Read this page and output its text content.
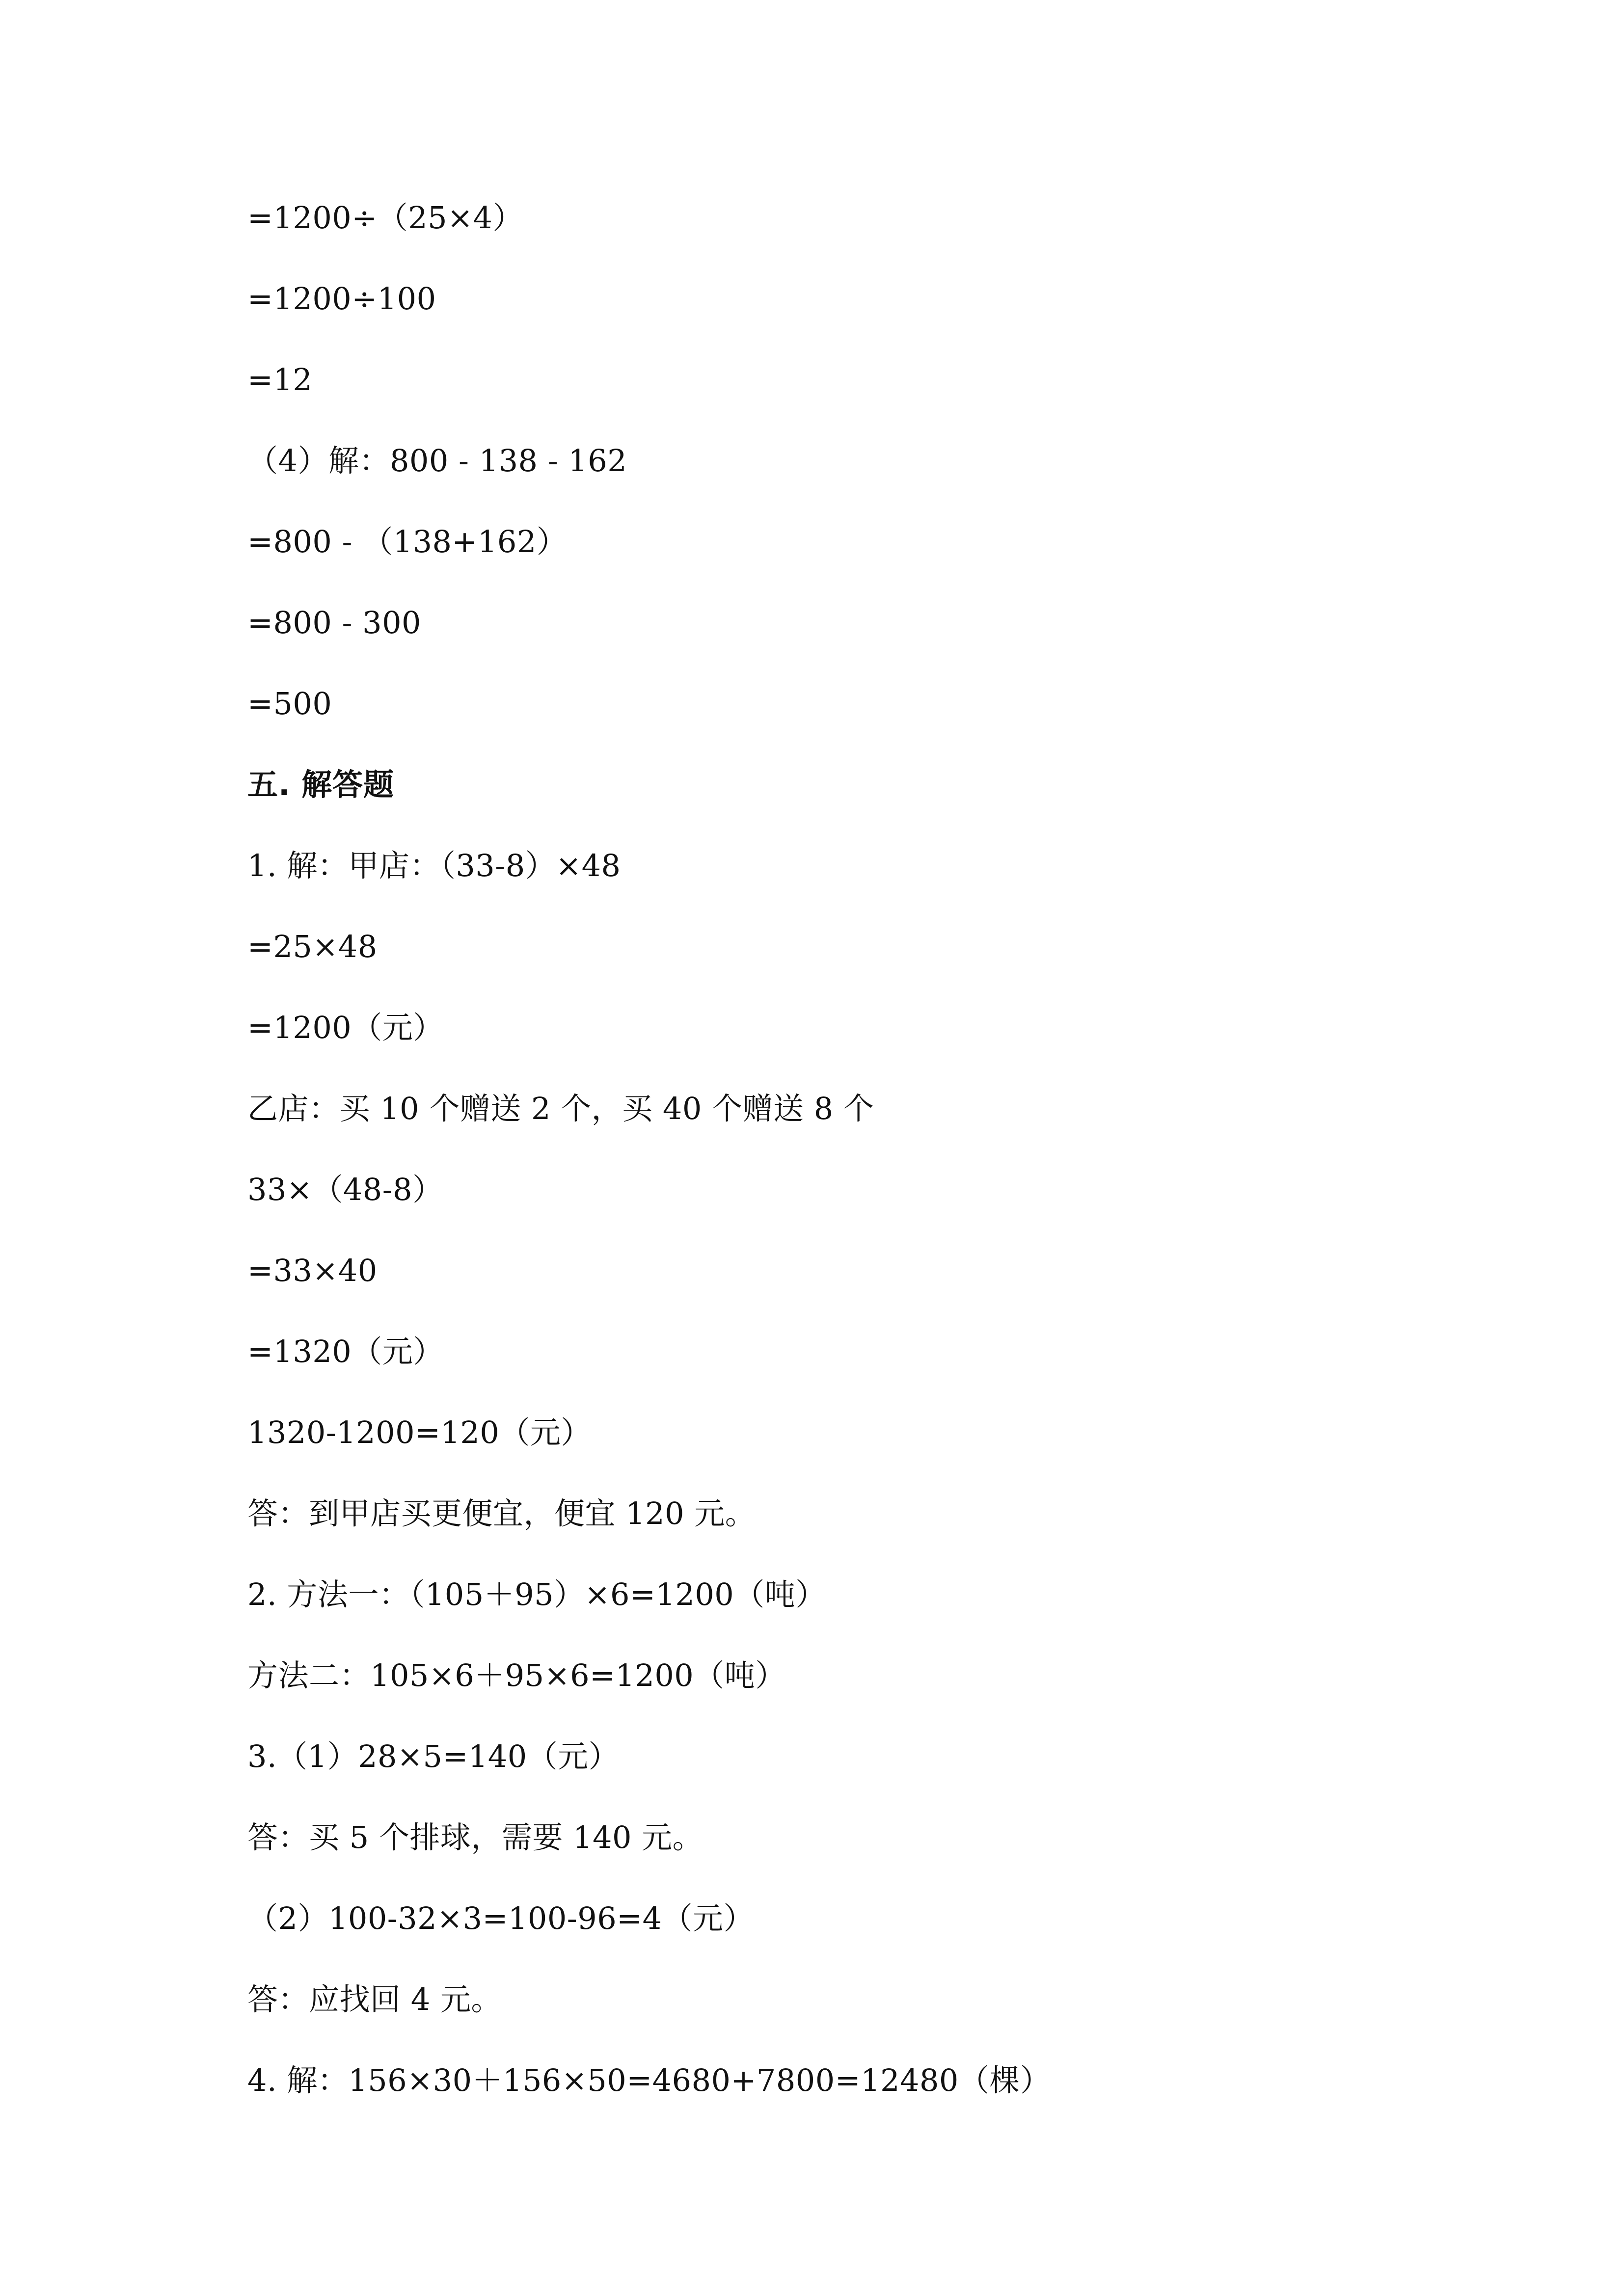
=1200÷（25×4）
=1200÷100
=12
（4）解：800 - 138 - 162
=800 - （138+162）
=800 - 300
=500
五. 解答题
1. 解：甲店：（33-8）×48
=25×48
=1200（元）
乙店：买 10 个赠送 2 个，买 40 个赠送 8 个
33×（48-8）
=33×40
=1320（元）
1320-1200=120（元）
答：到甲店买更便宜，便宜 120 元。
2. 方法一：（105＋95）×6=1200（吨）
方法二：105×6＋95×6=1200（吨）
3.（1）28×5=140（元）
答：买 5 个排球，需要 140 元。
（2）100-32×3=100-96=4（元）
答：应找回 4 元。
4. 解：156×30＋156×50=4680+7800=12480（棵）
